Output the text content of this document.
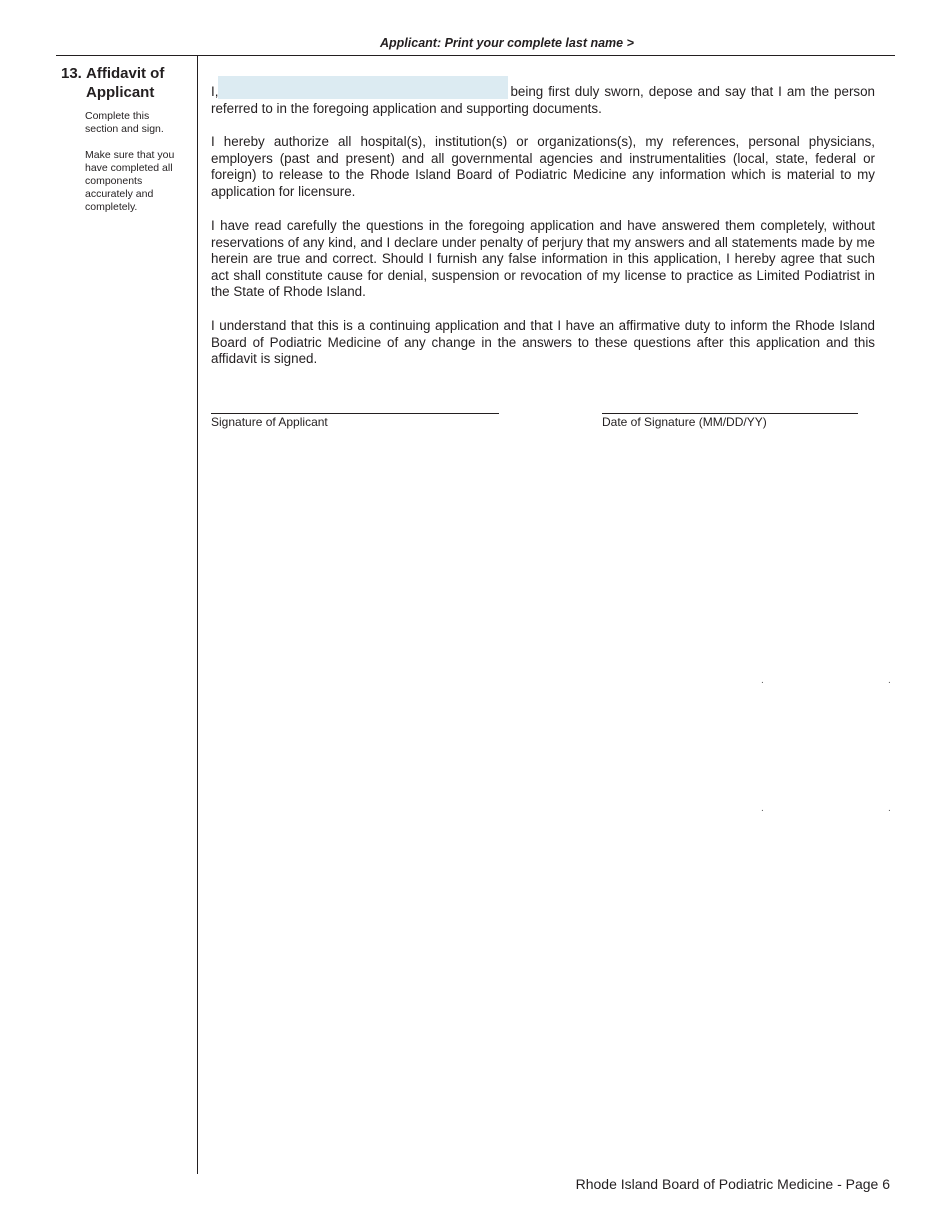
Applicant: Print your complete last name >
13. Affidavit of
Applicant
Complete this section and sign.
Make sure that you have completed all components accurately and completely.
I,	being first duly sworn, depose and say that I am the person referred to in the foregoing application and supporting documents.
I hereby authorize all hospital(s), institution(s) or organizations(s), my references, personal physicians, employers (past and present) and all governmental agencies and instrumentalities (local, state, federal or foreign) to release to the Rhode Island Board of Podiatric Medicine any information which is material to my application for licensure.
I have read carefully the questions in the foregoing application and have answered them completely, without reservations of any kind, and I declare under penalty of perjury that my answers and all statements made by me herein are true and correct. Should I furnish any false information in this application, I hereby agree that such act shall constitute cause for denial, suspension or revocation of my license to practice as Limited Podiatrist in the State of Rhode Island.
I understand that this is a continuing application and that I have an affirmative duty to inform the Rhode Island Board of Podiatric Medicine of any change in the answers to these questions after this application and this affidavit is signed.
Signature of Applicant	Date of Signature (MM/DD/YY)
.	.
.	.
Rhode Island Board of Podiatric Medicine - Page 6
